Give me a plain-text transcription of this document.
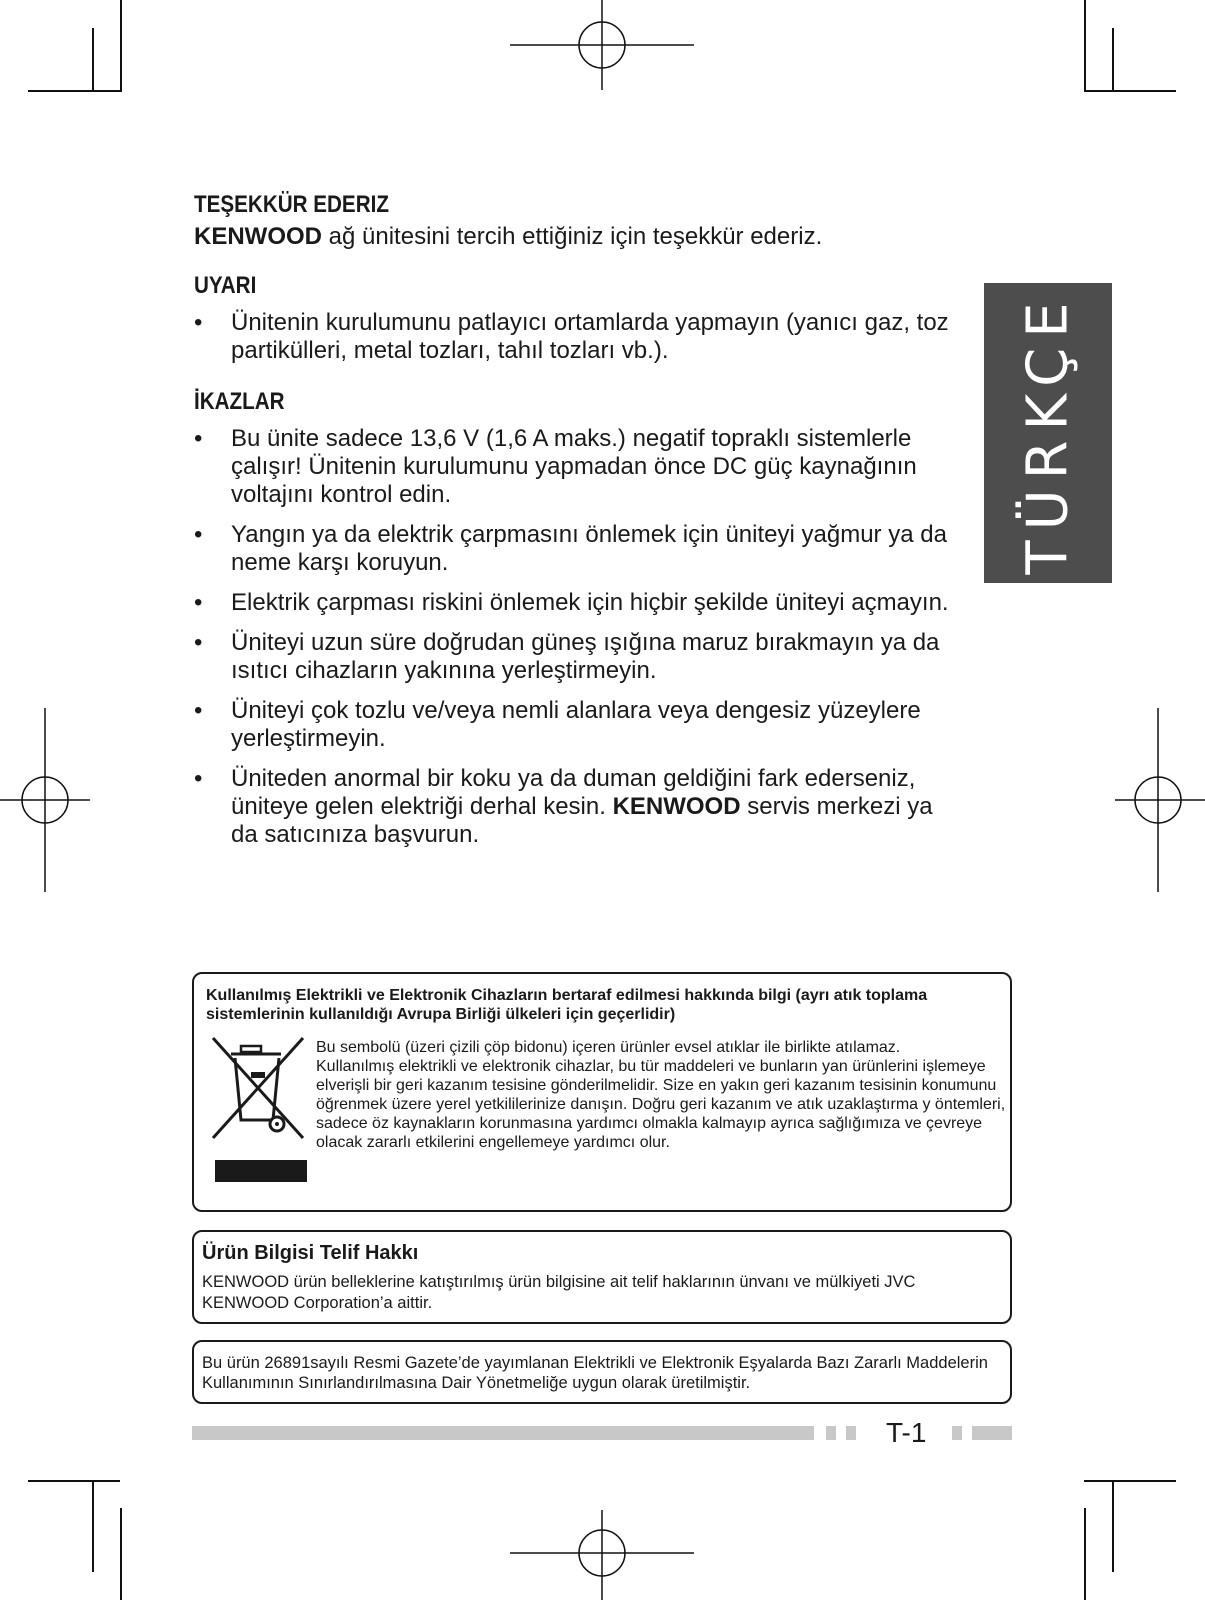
TÜRKÇE
TEŞEKKÜR EDERIZ

KENWOOD ağ ünitesini tercih ettiğiniz için teşekkür ederiz.

UYARI
• Ünitenin kurulumunu patlayıcı ortamlarda yapmayın (yanıcı gaz, toz partikülleri, metal tozları, tahıl tozları vb.).
İKAZLAR
• Bu ünite sadece 13,6 V (1,6 A maks.) negatif topraklı sistemlerle çalışır! Ünitenin kurulumunu yapmadan önce DC güç kaynağının voltajını kontrol edin.
• Yangın ya da elektrik çarpmasını önlemek için üniteyi yağmur ya da neme karşı koruyun.
• Elektrik çarpması riskini önlemek için hiçbir şekilde üniteyi açmayın.
• Üniteyi uzun süre doğrudan güneş ışığına maruz bırakmayın ya da ısıtıcı cihazların yakınına yerleştirmeyin.
• Üniteyi çok tozlu ve/veya nemli alanlara veya dengesiz yüzeylere yerleştirmeyin.
• Üniteden anormal bir koku ya da duman geldiğini fark ederseniz, üniteye gelen elektriği derhal kesin. KENWOOD servis merkezi ya da satıcınıza başvurun.
Kullanılmış Elektrikli ve Elektronik Cihazların bertaraf edilmesi hakkında bilgi (ayrı atık toplama sistemlerinin kullanıldığı Avrupa Birliği ülkeleri için geçerlidir)

Bu sembolü (üzeri çizili çöp bidonu) içeren ürünler evsel atıklar ile birlikte atılamaz.

Kullanılmış elektrikli ve elektronik cihazlar, bu tür maddeleri ve bunların yan ürünlerini işlemeye elverişli bir geri kazanım tesisine gönderilmelidir. Size en yakın geri kazanım tesisinin konumunu öğrenmek üzere yerel yetkililerinize danışın. Doğru geri kazanım ve atık uzaklaştırma y öntemleri, sadece öz kaynakların korunmasına yardımcı olmakla kalmayıp ayrıca sağlığımıza ve çevreye olacak zararlı etkilerini engellemeye yardımcı olur.

Ürün Bilgisi Telif Hakkı
KENWOOD ürün belleklerine katıştırılmış ürün bilgisine ait telif haklarının ünvanı ve mülkiyeti JVC KENWOOD Corporation’a aittir.
Bu ürün 26891sayılı Resmi Gazete’de yayımlanan Elektrikli ve Elektronik Eşyalarda Bazı Zararlı Maddelerin Kullanımının Sınırlandırılmasına Dair Yönetmeliğe uygun olarak üretilmiştir.
T-1
